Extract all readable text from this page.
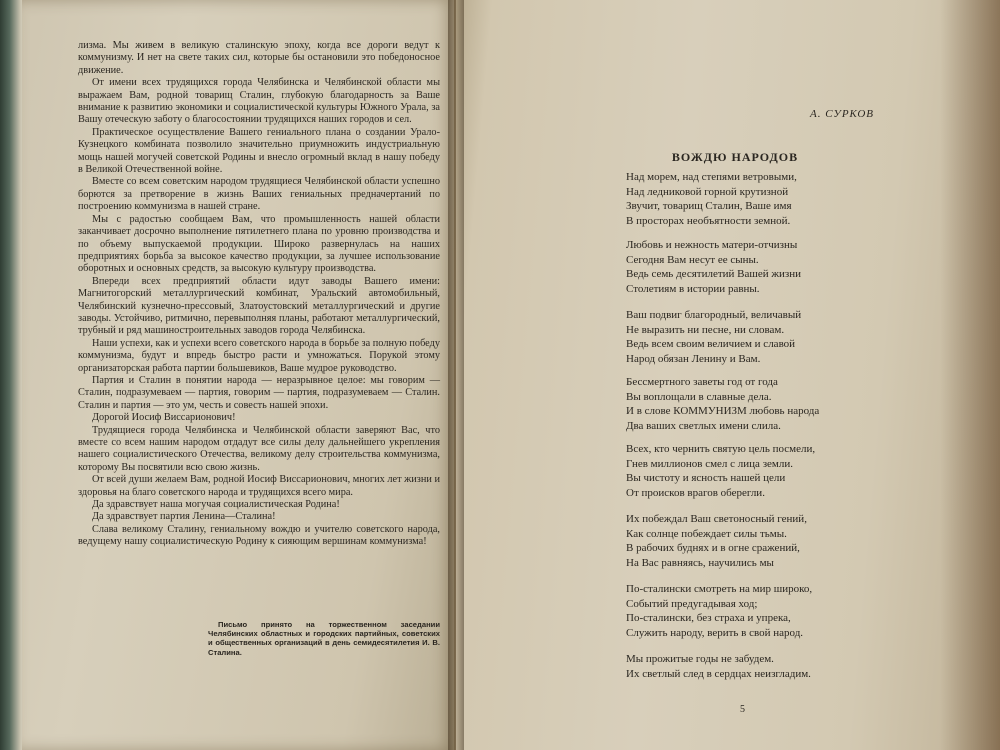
лизма. Мы живем в великую сталинскую эпоху, когда все дороги ведут к коммунизму. И нет на свете таких сил, которые бы остановили это победоносное движение.

От имени всех трудящихся города Челябинска и Челябинской области мы выражаем Вам, родной товарищ Сталин, глубокую благодарность за Ваше внимание к развитию экономики и социалистической культуры Южного Урала, за Вашу отеческую заботу о благосостоянии трудящихся наших городов и сел.

Практическое осуществление Вашего гениального плана о создании Урало-Кузнецкого комбината позволило значительно приумножить индустриальную мощь нашей могучей советской Родины и внесло огромный вклад в нашу победу в Великой Отечественной войне.

Вместе со всем советским народом трудящиеся Челябинской области успешно борются за претворение в жизнь Ваших гениальных предначертаний по построению коммунизма в нашей стране.

Мы с радостью сообщаем Вам, что промышленность нашей области заканчивает досрочно выполнение пятилетнего плана по уровню производства и по объему выпускаемой продукции. Широко развернулась на наших предприятиях борьба за высокое качество продукции, за лучшее использование оборотных и основных средств, за высокую культуру производства.

Впереди всех предприятий области идут заводы Вашего имени: Магнитогорский металлургический комбинат, Уральский автомобильный, Челябинский кузнечно-прессовый, Златоустовский металлургический и другие заводы. Устойчиво, ритмично, перевыполняя планы, работают металлургический, трубный и ряд машиностроительных заводов города Челябинска.

Наши успехи, как и успехи всего советского народа в борьбе за полную победу коммунизма, будут и впредь быстро расти и умножаться. Порукой этому организаторская работа партии большевиков, Ваше мудрое руководство.

Партия и Сталин в понятии народа — неразрывное целое: мы говорим — Сталин, подразумеваем — партия, говорим — партия, подразумеваем — Сталин. Сталин и партия — это ум, честь и совесть нашей эпохи.

Дорогой Иосиф Виссарионович!

Трудящиеся города Челябинска и Челябинской области заверяют Вас, что вместе со всем нашим народом отдадут все силы делу дальнейшего укрепления нашего социалистического Отечества, великому делу строительства коммунизма, которому Вы посвятили всю свою жизнь.

От всей души желаем Вам, родной Иосиф Виссарионович, многих лет жизни и здоровья на благо советского народа и трудящихся всего мира.

Да здравствует наша могучая социалистическая Родина!

Да здравствует партия Ленина—Сталина!

Слава великому Сталину, гениальному вождю и учителю советского народа, ведущему нашу социалистическую Родину к сияющим вершинам коммунизма!

Письмо принято на торжественном заседании Челябинских областных и городских партийных, советских и общественных организаций в день семидесятилетия И. В. Сталина.
А. СУРКОВ
ВОЖДЮ НАРОДОВ
Над морем, над степями ветровыми,
Над ледниковой горной крутизной
Звучит, товарищ Сталин, Ваше имя
В просторах необъятности земной.
Любовь и нежность матери-отчизны
Сегодня Вам несут ее сыны.
Ведь семь десятилетий Вашей жизни
Столетиям в истории равны.
Ваш подвиг благородный, величавый
Не выразить ни песне, ни словам.
Ведь всем своим величием и славой
Народ обязан Ленину и Вам.
Бессмертного заветы год от года
Вы воплощали в славные дела.
И в слове КОММУНИЗМ любовь народа
Два ваших светлых имени слила.
Всех, кто чернить святую цель посмели,
Гнев миллионов смел с лица земли.
Вы чистоту и ясность нашей цели
От происков врагов оберегли.
Их побеждал Ваш светоносный гений,
Как солнце побеждает силы тьмы.
В рабочих буднях и в огне сражений,
На Вас равняясь, научились мы
По-сталински смотреть на мир широко,
Событий предугадывая ход;
По-сталински, без страха и упрека,
Служить народу, верить в свой народ.
Мы прожитые годы не забудем.
Их светлый след в сердцах неизгладим.
5
